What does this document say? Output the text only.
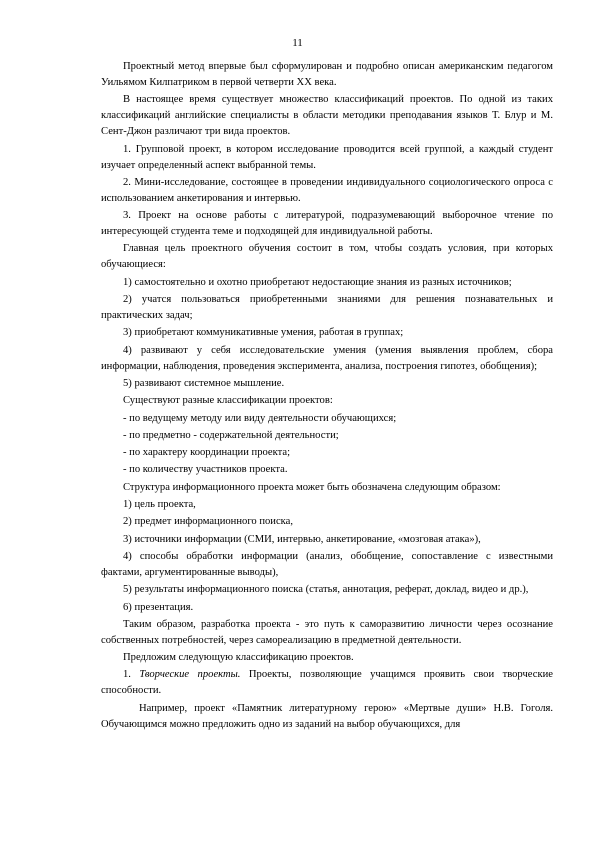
11

Проектный метод впервые был сформулирован и подробно описан американским педагогом Уильямом Килпатриком в первой четверти XX века.

В настоящее время существует множество классификаций проектов. По одной из таких классификаций английские специалисты в области методики преподавания языков Т. Блур и М. Сент-Джон различают три вида проектов.

1. Групповой проект, в котором исследование проводится всей группой, а каждый студент изучает определенный аспект выбранной темы.

2. Мини-исследование, состоящее в проведении индивидуального социологического опроса с использованием анкетирования и интервью.

3. Проект на основе работы с литературой, подразумевающий выборочное чтение по интересующей студента теме и подходящей для индивидуальной работы.

Главная цель проектного обучения состоит в том, чтобы создать условия, при которых обучающиеся:

1) самостоятельно и охотно приобретают недостающие знания из разных источников;

2) учатся пользоваться приобретенными знаниями для решения познавательных и практических задач;

3) приобретают коммуникативные умения, работая в группах;

4) развивают у себя исследовательские умения (умения выявления проблем, сбора информации, наблюдения, проведения эксперимента, анализа, построения гипотез, обобщения);

5) развивают системное мышление.

Существуют разные классификации проектов:

- по ведущему методу или виду деятельности обучающихся;

- по предметно - содержательной деятельности;

- по характеру координации проекта;

- по количеству участников проекта.

Структура информационного проекта может быть обозначена следующим образом:

1) цель проекта,

2) предмет информационного поиска,

3) источники информации (СМИ, интервью, анкетирование, «мозговая атака»),

4) способы обработки информации (анализ, обобщение, сопоставление с известными фактами, аргументированные выводы),

5) результаты информационного поиска (статья, аннотация, реферат, доклад, видео и др.),

6) презентация.

Таким образом, разработка проекта - это путь к саморазвитию личности через осознание собственных потребностей, через самореализацию в предметной деятельности.

Предложим следующую классификацию проектов.

1. Творческие проекты. Проекты, позволяющие учащимся проявить свои творческие способности.

Например, проект «Памятник литературному герою» «Мертвые души» Н.В. Гоголя. Обучающимся можно предложить одно из заданий на выбор обучающихся, для
